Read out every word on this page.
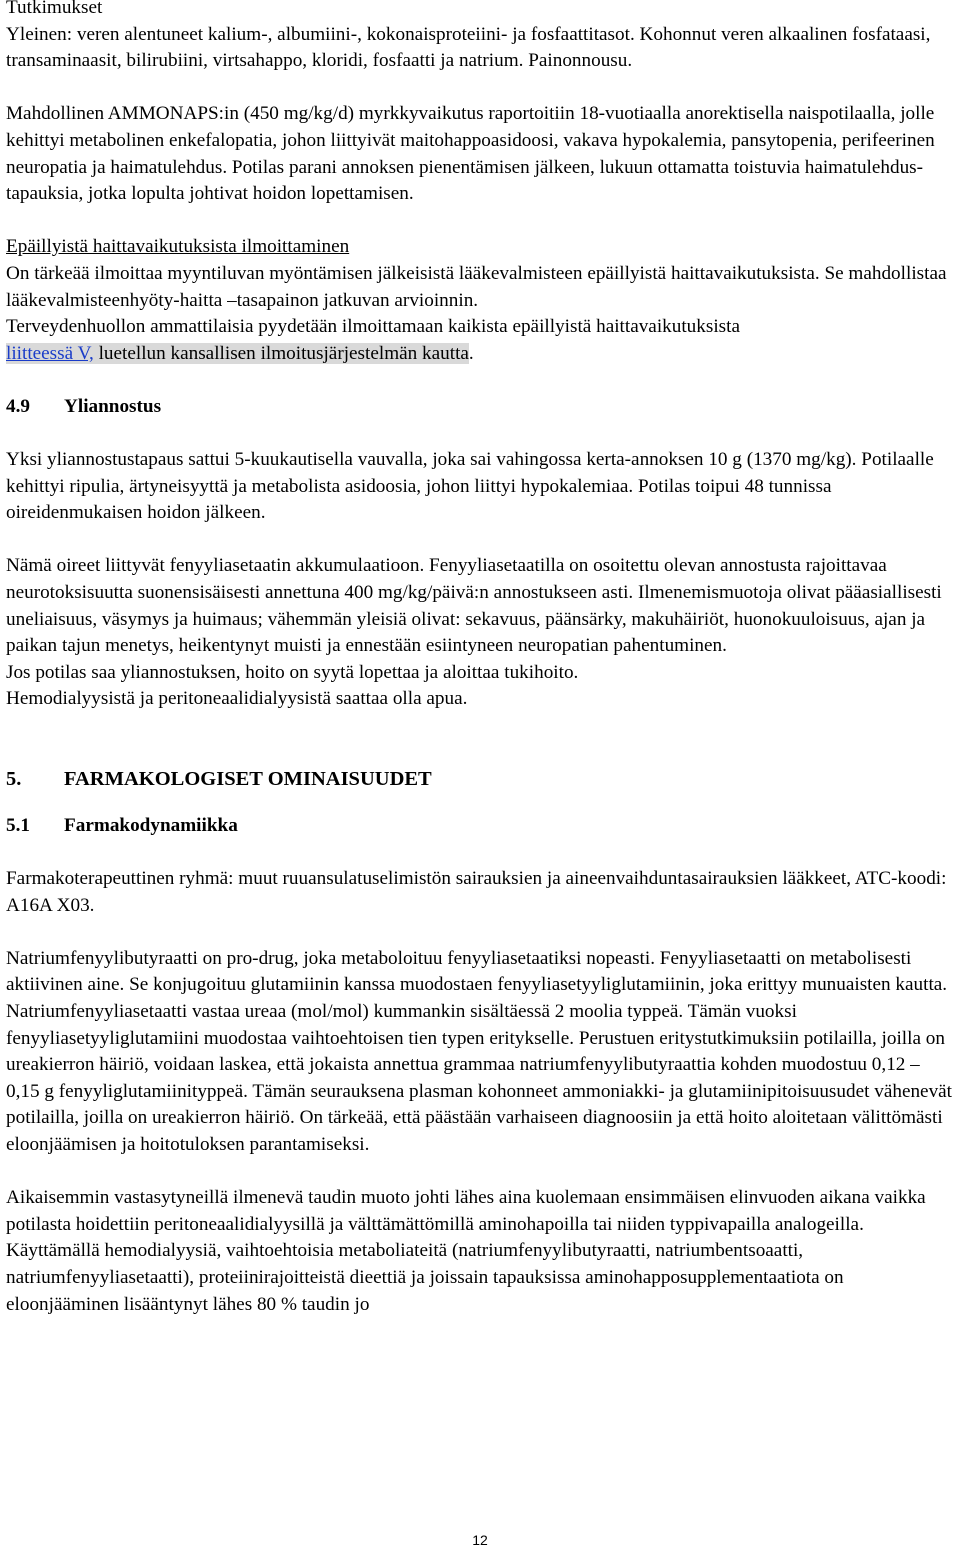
Tutkimukset

Yleinen: veren alentuneet kalium-, albumiini-, kokonaisproteiini- ja fosfaattitasot. Kohonnut veren alkaalinen fosfataasi, transaminaasit, bilirubiini, virtsahappo, kloridi, fosfaatti ja natrium. Painonnousu.

Mahdollinen AMMONAPS:in (450 mg/kg/d) myrkkyvaikutus raportoitiin 18-vuotiaalla anorektisella naispotilaalla, jolle kehittyi metabolinen enkefalopatia, johon liittyivät maitohappoasidoosi, vakava hypokalemia, pansytopenia, perifeerinen neuropatia ja haimatulehdus. Potilas parani annoksen pienentämisen jälkeen, lukuun ottamatta toistuvia haimatulehdus-tapauksia, jotka lopulta johtivat hoidon lopettamisen.

Epäillyistä haittavaikutuksista ilmoittaminen

On tärkeää ilmoittaa myyntiluvan myöntämisen jälkeisistä lääkevalmisteen epäillyistä haittavaikutuksista. Se mahdollistaa lääkevalmisteenhyöty-haitta –tasapainon jatkuvan arvioinnin.

Terveydenhuollon ammattilaisia pyydetään ilmoittamaan kaikista epäillyistä haittavaikutuksista
liitteessä V, luetellun kansallisen ilmoitusjärjestelmän kautta.

4.9 Yliannostus

Yksi yliannostustapaus sattui 5-kuukautisella vauvalla, joka sai vahingossa kerta-annoksen 10 g (1370 mg/kg). Potilaalle kehittyi ripulia, ärtyneisyyttä ja metabolista asidoosia, johon liittyi hypokalemiaa. Potilas toipui 48 tunnissa oireidenmukaisen hoidon jälkeen.

Nämä oireet liittyvät fenyyliasetaatin akkumulaatioon. Fenyyliasetaatilla on osoitettu olevan annostusta rajoittavaa neurotoksisuutta suonensisäisesti annettuna 400 mg/kg/päivä:n annostukseen asti. Ilmenemismuotoja olivat pääasiallisesti uneliaisuus, väsymys ja huimaus; vähemmän yleisiä olivat: sekavuus, päänsärky, makuhäiriöt, huonokuuloisuus, ajan ja paikan tajun menetys, heikentynyt muisti ja ennestään esiintyneen neuropatian pahentuminen.

Jos potilas saa yliannostuksen, hoito on syytä lopettaa ja aloittaa tukihoito.

Hemodialyysistä ja peritoneaalidialyysistä saattaa olla apua.

5. FARMAKOLOGISET OMINAISUUDET

5.1 Farmakodynamiikka

Farmakoterapeuttinen ryhmä: muut ruuansulatuselimistön sairauksien ja aineenvaihduntasairauksien lääkkeet, ATC-koodi: A16A X03.

Natriumfenyylibutyraatti on pro-drug, joka metaboloituu fenyyliasetaatiksi nopeasti. Fenyyliasetaatti on metabolisesti aktiivinen aine. Se konjugoituu glutamiinin kanssa muodostaen fenyyliasetyyliglutamiinin, joka erittyy munuaisten kautta. Natriumfenyyliasetaatti vastaa ureaa (mol/mol) kummankin sisältäessä 2 moolia typpeä. Tämän vuoksi fenyyliasetyyliglutamiini muodostaa vaihtoehtoisen tien typen eritykselle. Perustuen eritystutkimuksiin potilailla, joilla on ureakierron häiriö, voidaan laskea, että jokaista annettua grammaa natriumfenyylibutyraattia kohden muodostuu 0,12 – 0,15 g fenyyliglutamiinityppeä. Tämän seurauksena plasman kohonneet ammoniakki- ja glutamiinipitoisuusudet vähenevät potilailla, joilla on ureakierron häiriö. On tärkeää, että päästään varhaiseen diagnoosiin ja että hoito aloitetaan välittömästi eloonjäämisen ja hoitotuloksen parantamiseksi.

Aikaisemmin vastasytyneillä ilmenevä taudin muoto johti lähes aina kuolemaan ensimmäisen elinvuoden aikana vaikka potilasta hoidettiin peritoneaalidialyysillä ja välttämättömillä aminohapoilla tai niiden typpivapailla analogeilla. Käyttämällä hemodialyysiä, vaihtoehtoisia metaboliateitä (natriumfenyylibutyraatti, natriumbentsoaatti, natriumfenyyliasetaatti), proteiinirajoitteistä dieettiä ja joissain tapauksissa aminohapposupplementaatiota on eloonjääminen lisääntynyt lähes 80 % taudin jo

12
